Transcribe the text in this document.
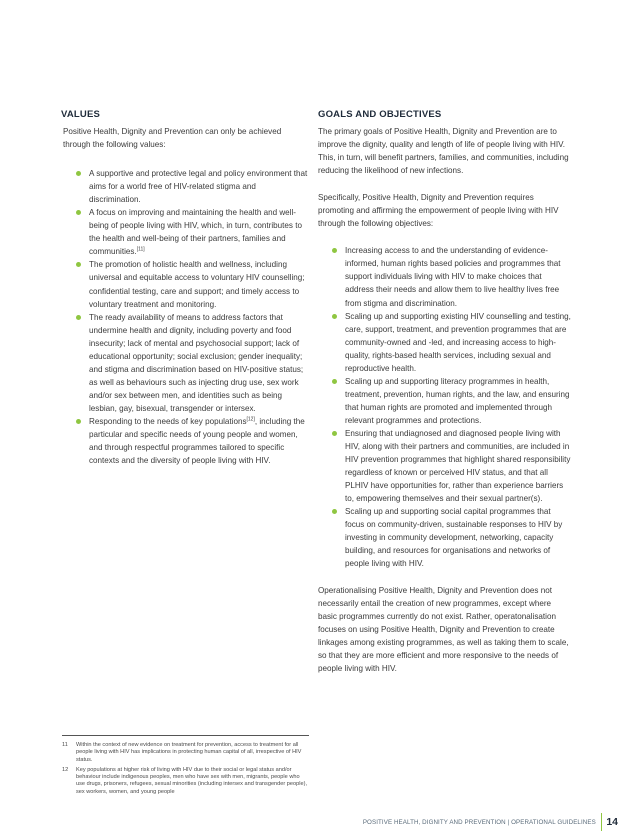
VALUES

Positive Health, Dignity and Prevention can only be achieved through the following values:

A supportive and protective legal and policy environment that aims for a world free of HIV-related stigma and discrimination.
A focus on improving and maintaining the health and well-being of people living with HIV, which, in turn, contributes to the health and well-being of their partners, families and communities.[11]
The promotion of holistic health and wellness, including universal and equitable access to voluntary HIV counselling; confidential testing, care and support; and timely access to voluntary treatment and monitoring.
The ready availability of means to address factors that undermine health and dignity, including poverty and food insecurity; lack of mental and psychosocial support; lack of educational opportunity; social exclusion; gender inequality; and stigma and discrimination based on HIV-positive status; as well as behaviours such as injecting drug use, sex work and/or sex between men, and identities such as being lesbian, gay, bisexual, transgender or intersex.
Responding to the needs of key populations[12], including the particular and specific needs of young people and women, and through respectful programmes tailored to specific contexts and the diversity of people living with HIV.
GOALS AND OBJECTIVES

The primary goals of Positive Health, Dignity and Prevention are to improve the dignity, quality and length of life of people living with HIV. This, in turn, will benefit partners, families, and communities, including reducing the likelihood of new infections.

Specifically, Positive Health, Dignity and Prevention requires promoting and affirming the empowerment of people living with HIV through the following objectives:

Increasing access to and the understanding of evidence-informed, human rights based policies and programmes that support individuals living with HIV to make choices that address their needs and allow them to live healthy lives free from stigma and discrimination.
Scaling up and supporting existing HIV counselling and testing, care, support, treatment, and prevention programmes that are community-owned and -led, and increasing access to high-quality, rights-based health services, including sexual and reproductive health.
Scaling up and supporting literacy programmes in health, treatment, prevention, human rights, and the law, and ensuring that human rights are promoted and implemented through relevant programmes and protections.
Ensuring that undiagnosed and diagnosed people living with HIV, along with their partners and communities, are included in HIV prevention programmes that highlight shared responsibility regardless of known or perceived HIV status, and that all PLHIV have opportunities for, rather than experience barriers to, empowering themselves and their sexual partner(s).
Scaling up and supporting social capital programmes that focus on community-driven, sustainable responses to HIV by investing in community development, networking, capacity building, and resources for organisations and networks of people living with HIV.

Operationalising Positive Health, Dignity and Prevention does not necessarily entail the creation of new programmes, except where basic programmes currently do not exist. Rather, operatonalisation focuses on using Positive Health, Dignity and Prevention to create linkages among existing programmes, as well as taking them to scale, so that they are more efficient and more responsive to the needs of people living with HIV.

11	Within the context of new evidence on treatment for prevention, access to treatment for all people living with HIV has implications in protecting human capital of all, irrespective of HIV status.
12	Key populations at higher risk of living with HIV due to their social or legal status and/or behaviour include indigenous peoples, men who have sex with men, migrants, people who use drugs, prisoners, refugees, sexual minorities (including intersex and transgender people), sex workers, women, and young people
POSITIVE HEALTH, DIGNITY AND PREVENTION | OPERATIONAL GUIDELINES 14
